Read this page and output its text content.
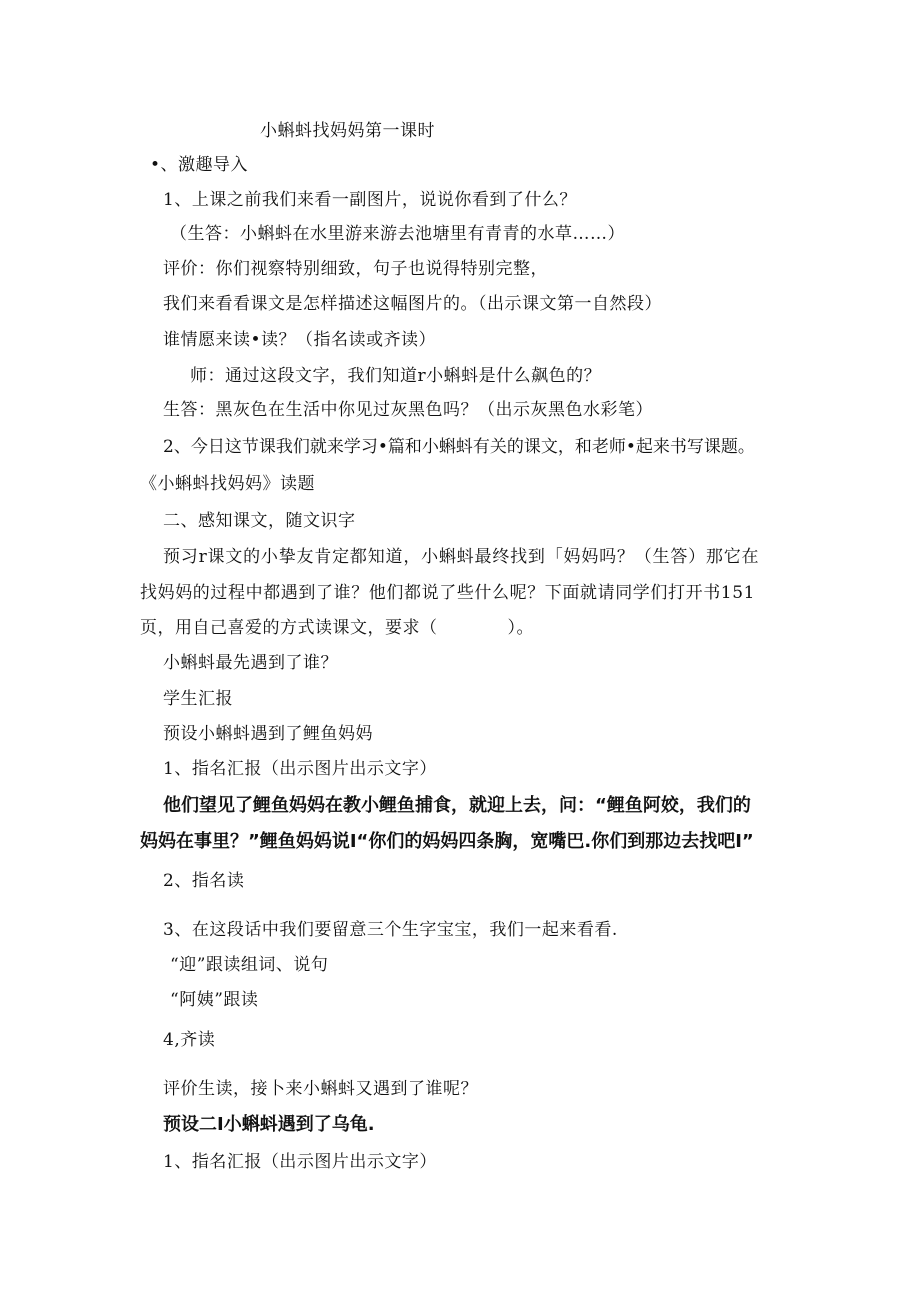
小蝌蚪找妈妈第一课时
•、激趣导入
1、上课之前我们来看一副图片，说说你看到了什么？
（生答：小蝌蚪在水里游来游去池塘里有青青的水草……）
评价：你们视察特别细致，句子也说得特别完整，
我们来看看课文是怎样描述这幅图片的。（出示课文第一自然段）
谁情愿来读•读？（指名读或齐读）
师：通过这段文字，我们知道r小蝌蚪是什么飙色的？
生答：黑灰色在生活中你见过灰黑色吗？（出示灰黑色水彩笔）
2、今日这节课我们就来学习•篇和小蝌蚪有关的课文，和老师•起来书写课题。
《小蝌蚪找妈妈》读题
二、感知课文，随文识字
预习r课文的小挚友肯定都知道，小蝌蚪最终找到「妈妈吗？（生答）那它在
找妈妈的过程中都遇到了谁？他们都说了些什么呢？下面就请同学们打开书151
页，用自己喜爱的方式读课文，要求（　　　　）。
小蝌蚪最先遇到了谁？
学生汇报
预设小蝌蚪遇到了鲤鱼妈妈
1、指名汇报（出示图片出示文字）
他们望见了鲤鱼妈妈在教小鲤鱼捕食，就迎上去，问：“鲤鱼阿姣，我们的
妈妈在事里？”鲤鱼妈妈说I“你们的妈妈四条胸，宽嘴巴.你们到那边去找吧I”
2、指名读
3、在这段话中我们要留意三个生字宝宝，我们一起来看看.
“迎”跟读组词、说句
“阿姨”跟读
4,齐读
评价生读，接卜来小蝌蚪又遇到了谁呢？
预设二I小蝌蚪遇到了乌龟.
1、指名汇报（出示图片出示文字）
